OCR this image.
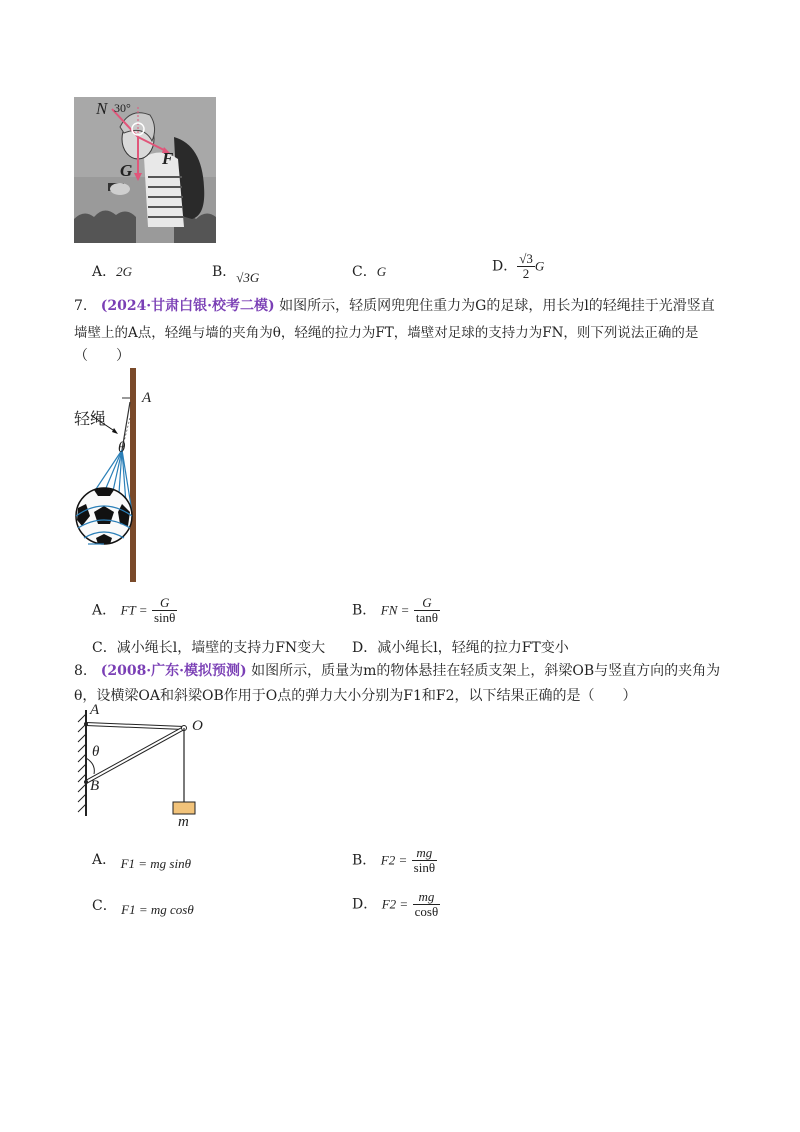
N 30°
F
G
A．2G	B．√3G	C．G	D． $\frac{√3}{2}$ G
7. (2024·甘肃白银·校考二模) 如图所示，轻质网兜兜住重力为G的足球，用长为l的轻绳挂于光滑竖直
墙壁上的A点，轻绳与墙的夹角为θ，轻绳的拉力为FT，墙壁对足球的支持力为FN，则下列说法正确的是
（　　）
A
轻绳
θ
A． FT = $\frac{G}{\sin\theta}$	B． FN = $\frac{G}{\tan\theta}$
C．减小绳长l，墙壁的支持力FN变大 D．减小绳长l，轻绳的拉力FT变小
8. (2008·广东·模拟预测) 如图所示，质量为m的物体悬挂在轻质支架上，斜梁OB与竖直方向的夹角为
θ，设横梁OA和斜梁OB作用于O点的弹力大小分别为F1和F2，以下结果正确的是（　　）
A
O
θ
B
m
A． F1 = mg sinθ	B． $F2 = \frac{mg}{\sin\theta}$
C． F1 = mg cosθ	D． $F2 = \frac{mg}{\cos\theta}$
